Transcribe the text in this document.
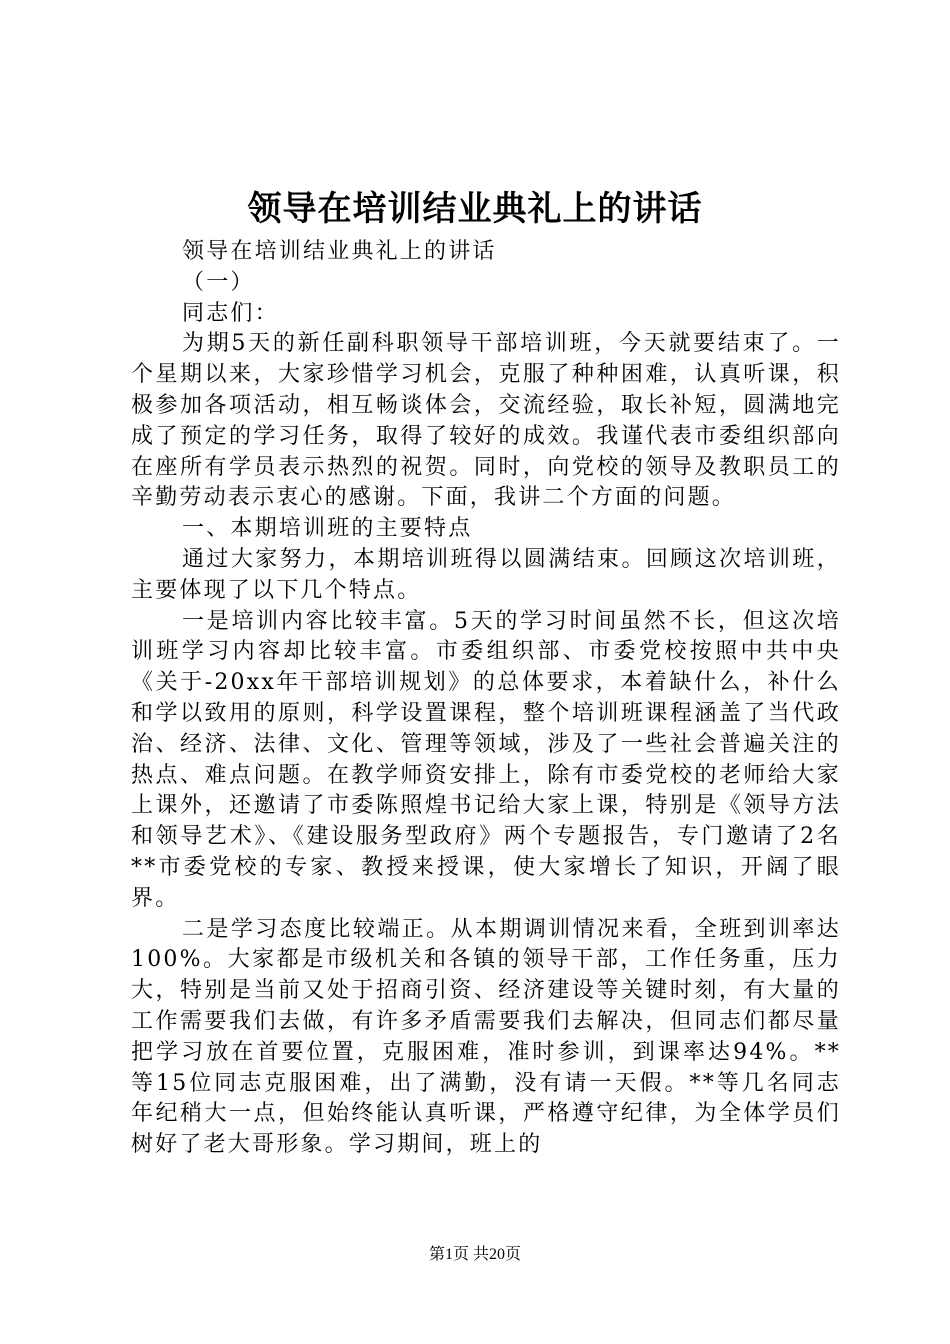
领导在培训结业典礼上的讲话

领导在培训结业典礼上的讲话

（一）

同志们：

为期5天的新任副科职领导干部培训班，今天就要结束了。一个星期以来，大家珍惜学习机会，克服了种种困难，认真听课，积极参加各项活动，相互畅谈体会，交流经验，取长补短，圆满地完成了预定的学习任务，取得了较好的成效。我谨代表市委组织部向在座所有学员表示热烈的祝贺。同时，向党校的领导及教职员工的辛勤劳动表示衷心的感谢。下面，我讲二个方面的问题。

一、本期培训班的主要特点

通过大家努力，本期培训班得以圆满结束。回顾这次培训班，主要体现了以下几个特点。

一是培训内容比较丰富。5天的学习时间虽然不长，但这次培训班学习内容却比较丰富。市委组织部、市委党校按照中共中央《关于-20xx年干部培训规划》的总体要求，本着缺什么，补什么和学以致用的原则，科学设置课程，整个培训班课程涵盖了当代政治、经济、法律、文化、管理等领域，涉及了一些社会普遍关注的热点、难点问题。在教学师资安排上，除有市委党校的老师给大家上课外，还邀请了市委陈照煌书记给大家上课，特别是《领导方法和领导艺术》、《建设服务型政府》两个专题报告，专门邀请了2名**市委党校的专家、教授来授课，使大家增长了知识，开阔了眼界。

二是学习态度比较端正。从本期调训情况来看，全班到训率达100%。大家都是市级机关和各镇的领导干部，工作任务重，压力大，特别是当前又处于招商引资、经济建设等关键时刻，有大量的工作需要我们去做，有许多矛盾需要我们去解决，但同志们都尽量把学习放在首要位置，克服困难，准时参训，到课率达94%。**等15位同志克服困难，出了满勤，没有请一天假。**等几名同志年纪稍大一点，但始终能认真听课，严格遵守纪律，为全体学员们树好了老大哥形象。学习期间，班上的

第1页 共20页
